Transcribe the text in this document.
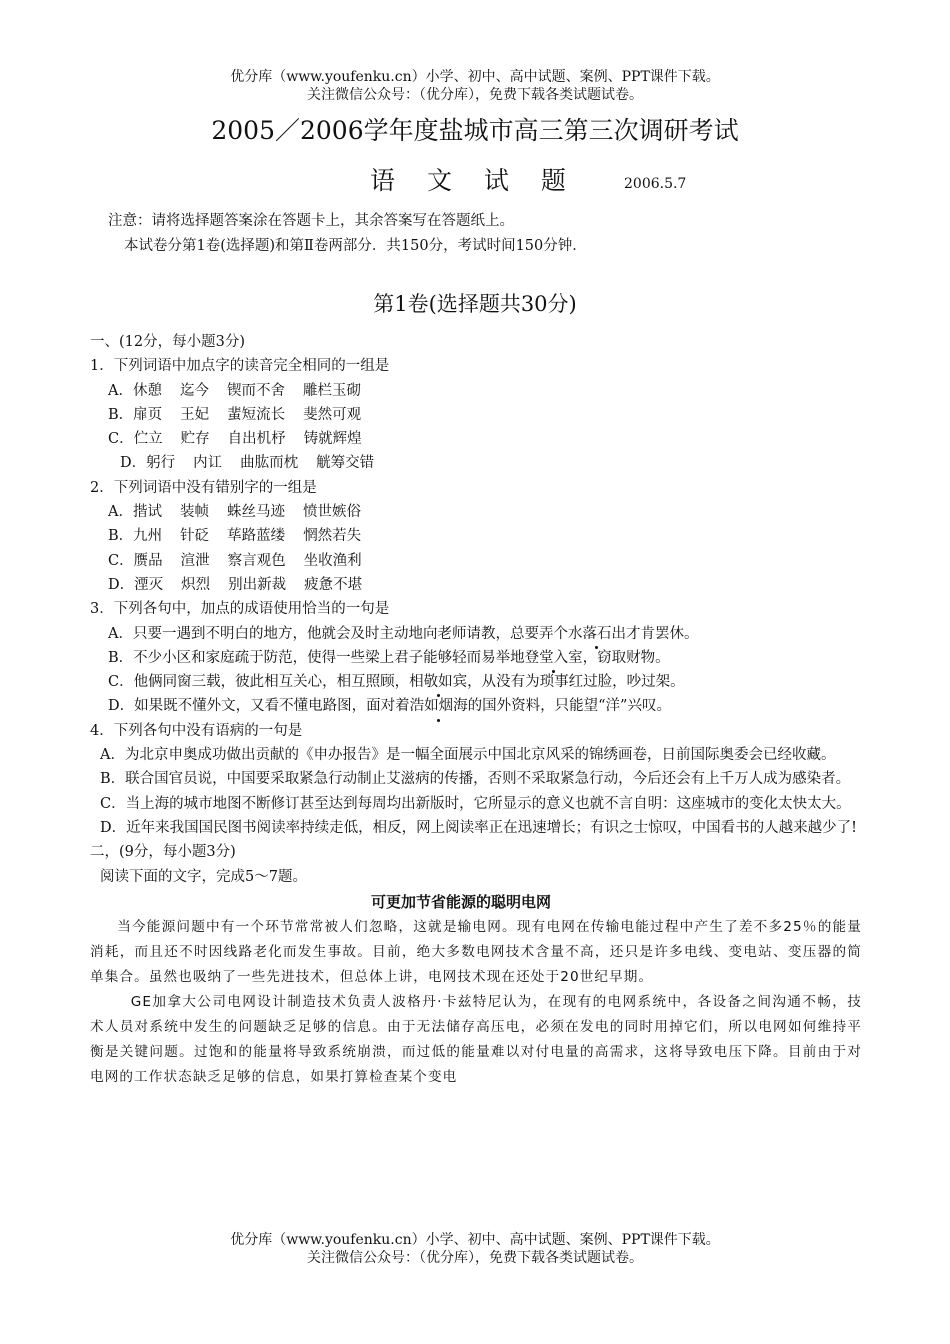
优分库（www.youfenku.cn）小学、初中、高中试题、案例、PPT课件下载。
关注微信公众号：（优分库），免费下载各类试题试卷。
2005／2006学年度盐城市高三第三次调研考试
语 文 试 题	2006.5.7
注意：请将选择题答案涂在答题卡上，其余答案写在答题纸上。
本试卷分第1卷(选择题)和第Ⅱ卷两部分．共150分，考试时间150分钟．
第1卷(选择题共30分)
一、(12分，每小题3分)
1．下列词语中加点字的读音完全相同的一组是
A．休憩 迄今 锲而不舍 雕栏玉砌
B．扉页 王妃 蜚短流长 斐然可观
C．伫立 贮存 自出机杼 铸就辉煌
D．躬行 内讧 曲肱而枕 觥筹交错
2．下列词语中没有错别字的一组是
A．揩试 装帧 蛛丝马迹 愤世嫉俗
B．九州 针砭 荜路蓝缕 惘然若失
C．赝品 渲泄 察言观色 坐收渔利
D．湮灭 炽烈 别出新裁 疲惫不堪
3．下列各句中，加点的成语使用恰当的一句是
A．只要一遇到不明白的地方，他就会及时主动地向老师请教，总要弄个水落石出才肯罢休。
B．不少小区和家庭疏于防范，使得一些梁上君子能够轻而易举地登堂入室，窃取财物。
C．他俩同窗三载，彼此相互关心，相互照顾，相敬如宾，从没有为琐事红过脸，吵过架。
D．如果既不懂外文，又看不懂电路图，面对着浩如烟海的国外资料，只能望“洋”兴叹。
4．下列各句中没有语病的一句是
A．为北京申奥成功做出贡献的《申办报告》是一幅全面展示中国北京风采的锦绣画卷，日前国际奥委会已经收藏。
B．联合国官员说，中国要采取紧急行动制止艾滋病的传播，否则不采取紧急行动，今后还会有上千万人成为感染者。
C．当上海的城市地图不断修订甚至达到每周均出新版时，它所显示的意义也就不言自明：这座城市的变化太快太大。
D．近年来我国国民图书阅读率持续走低，相反，网上阅读率正在迅速增长；有识之士惊叹，中国看书的人越来越少了!
二，(9分，每小题3分)
阅读下面的文字，完成5～7题。
可更加节省能源的聪明电网

当今能源问题中有一个环节常常被人们忽略，这就是输电网。现有电网在传输电能过程中产生了差不多25％的能量消耗，而且还不时因线路老化而发生事故。目前，绝大多数电网技术含量不高，还只是许多电线、变电站、变压器的简单集合。虽然也吸纳了一些先进技术，但总体上讲，电网技术现在还处于20世纪早期。

GE加拿大公司电网设计制造技术负责人波格丹·卡兹特尼认为，在现有的电网系统中，各设备之间沟通不畅，技术人员对系统中发生的问题缺乏足够的信息。由于无法储存高压电，必须在发电的同时用掉它们，所以电网如何维持平衡是关键问题。过饱和的能量将导致系统崩溃，而过低的能量难以对付电量的高需求，这将导致电压下降。目前由于对电网的工作状态缺乏足够的信息，如果打算检查某个变电

优分库（www.youfenku.cn）小学、初中、高中试题、案例、PPT课件下载。
关注微信公众号：（优分库），免费下载各类试题试卷。
